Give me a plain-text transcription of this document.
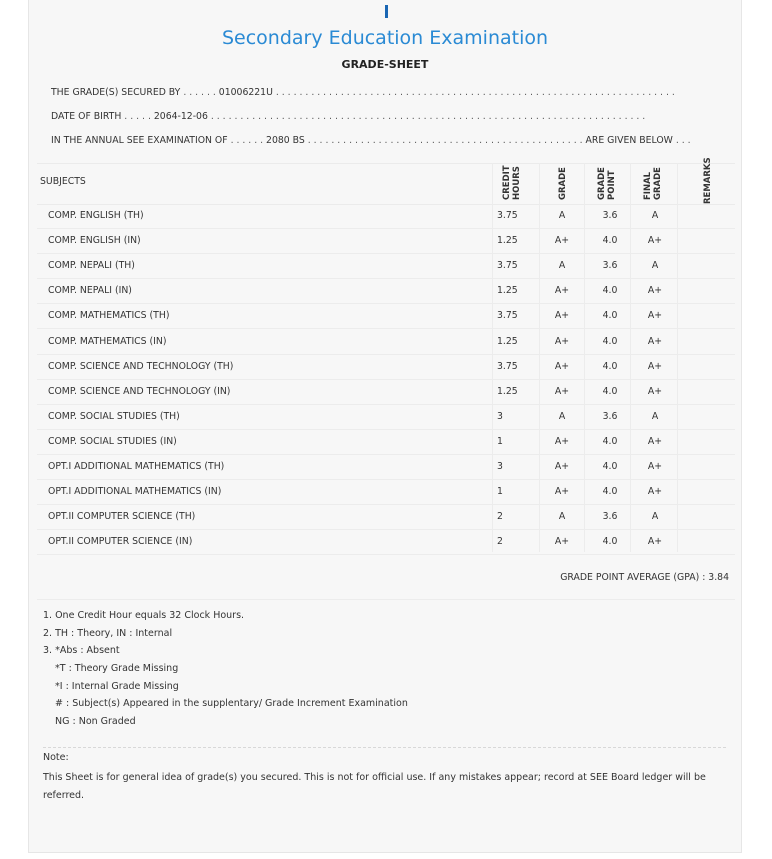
Secondary Education Examination
GRADE-SHEET
THE GRADE(S) SECURED BY . . . . . . 01006221U . . . . . . . . . . . . . . . . . . . . . . . . . . . . . . . . . . . . . . . . . . . . . . . . . . . . . . . . . . . . . . . . . . . .
DATE OF BIRTH . . . . . 2064-12-06 . . . . . . . . . . . . . . . . . . . . . . . . . . . . . . . . . . . . . . . . . . . . . . . . . . . . . . . . . . . . . . . . . . . . . . . . . .
IN THE ANNUAL SEE EXAMINATION OF . . . . . . 2080 BS . . . . . . . . . . . . . . . . . . . . . . . . . . . . . . . . . . . . . . . . . . . . . . . ARE GIVEN BELOW . . .
SUBJECTS	CREDIT HOURS	GRADE	GRADE POINT	FINAL GRADE	REMARKS
COMP. ENGLISH (TH)	3.75	A	3.6	A
COMP. ENGLISH (IN)	1.25	A+	4.0	A+
COMP. NEPALI (TH)	3.75	A	3.6	A
COMP. NEPALI (IN)	1.25	A+	4.0	A+
COMP. MATHEMATICS (TH)	3.75	A+	4.0	A+
COMP. MATHEMATICS (IN)	1.25	A+	4.0	A+
COMP. SCIENCE AND TECHNOLOGY (TH)	3.75	A+	4.0	A+
COMP. SCIENCE AND TECHNOLOGY (IN)	1.25	A+	4.0	A+
COMP. SOCIAL STUDIES (TH)	3	A	3.6	A
COMP. SOCIAL STUDIES (IN)	1	A+	4.0	A+
OPT.I ADDITIONAL MATHEMATICS (TH)	3	A+	4.0	A+
OPT.I ADDITIONAL MATHEMATICS (IN)	1	A+	4.0	A+
OPT.II COMPUTER SCIENCE (TH)	2	A	3.6	A
OPT.II COMPUTER SCIENCE (IN)	2	A+	4.0	A+
GRADE POINT AVERAGE (GPA) : 3.84
1. One Credit Hour equals 32 Clock Hours.
2. TH : Theory, IN : Internal
3. *Abs : Absent
*T : Theory Grade Missing
*I : Internal Grade Missing
# : Subject(s) Appeared in the supplentary/ Grade Increment Examination
NG : Non Graded
Note:
This Sheet is for general idea of grade(s) you secured. This is not for official use. If any mistakes appear; record at SEE Board ledger will be referred.
